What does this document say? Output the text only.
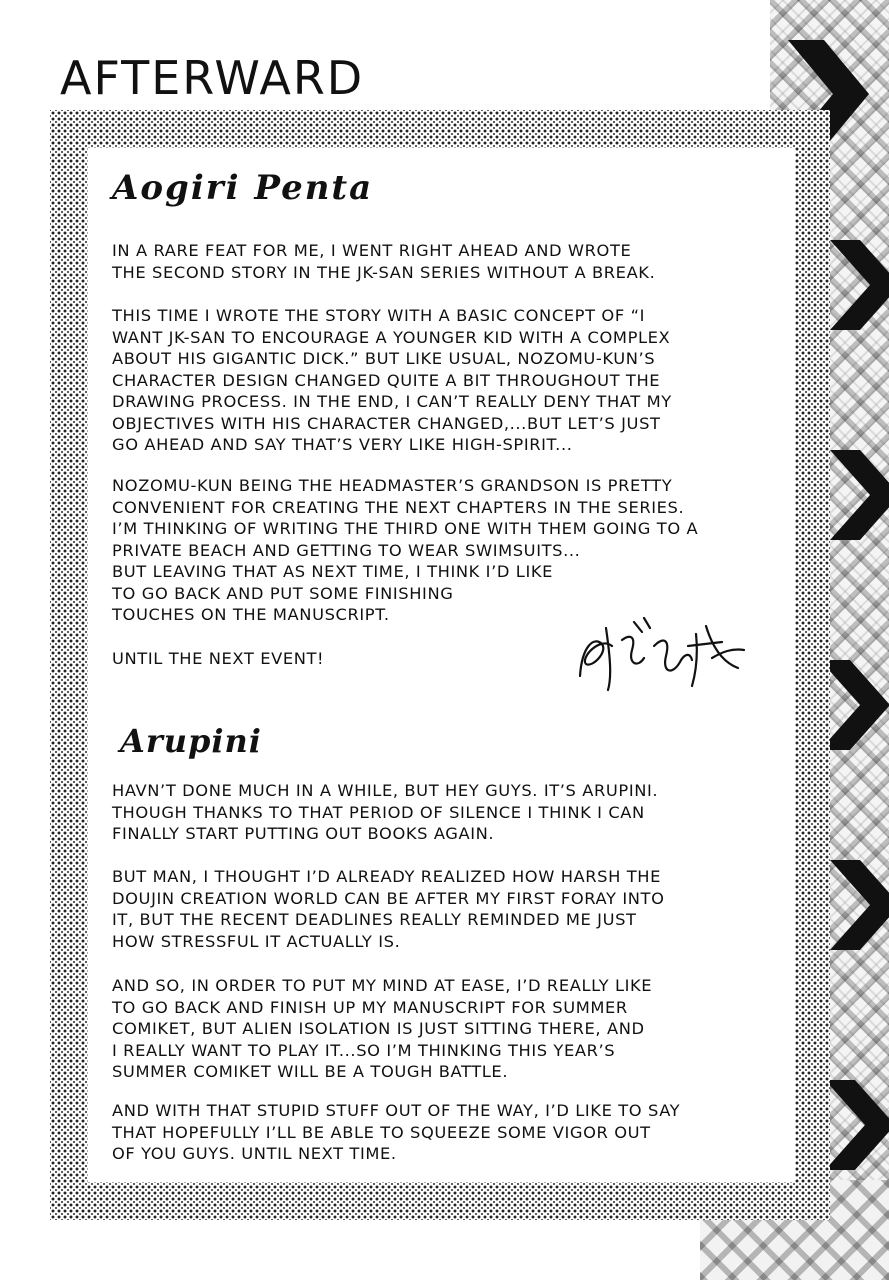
AFTERWARD
Aogiri Penta

IN A RARE FEAT FOR ME, I WENT RIGHT AHEAD AND WROTE
THE SECOND STORY IN THE JK-SAN SERIES WITHOUT A BREAK.

THIS TIME I WROTE THE STORY WITH A BASIC CONCEPT OF “I
WANT JK-SAN TO ENCOURAGE A YOUNGER KID WITH A COMPLEX
ABOUT HIS GIGANTIC DICK.” BUT LIKE USUAL, NOZOMU-KUN’S
CHARACTER DESIGN CHANGED QUITE A BIT THROUGHOUT THE
DRAWING PROCESS. IN THE END, I CAN’T REALLY DENY THAT MY
OBJECTIVES WITH HIS CHARACTER CHANGED,...BUT LET’S JUST
GO AHEAD AND SAY THAT’S VERY LIKE HIGH-SPIRIT...

NOZOMU-KUN BEING THE HEADMASTER’S GRANDSON IS PRETTY
CONVENIENT FOR CREATING THE NEXT CHAPTERS IN THE SERIES.
I’M THINKING OF WRITING THE THIRD ONE WITH THEM GOING TO A
PRIVATE BEACH AND GETTING TO WEAR SWIMSUITS...
BUT LEAVING THAT AS NEXT TIME, I THINK I’D LIKE
TO GO BACK AND PUT SOME FINISHING
TOUCHES ON THE MANUSCRIPT.

UNTIL THE NEXT EVENT!

Arupini

HAVN’T DONE MUCH IN A WHILE, BUT HEY GUYS. IT’S ARUPINI.
THOUGH THANKS TO THAT PERIOD OF SILENCE I THINK I CAN
FINALLY START PUTTING OUT BOOKS AGAIN.

BUT MAN, I THOUGHT I’D ALREADY REALIZED HOW HARSH THE
DOUJIN CREATION WORLD CAN BE AFTER MY FIRST FORAY INTO
IT, BUT THE RECENT DEADLINES REALLY REMINDED ME JUST
HOW STRESSFUL IT ACTUALLY IS.

AND SO, IN ORDER TO PUT MY MIND AT EASE, I’D REALLY LIKE
TO GO BACK AND FINISH UP MY MANUSCRIPT FOR SUMMER
COMIKET, BUT ALIEN ISOLATION IS JUST SITTING THERE, AND
I REALLY WANT TO PLAY IT...SO I’M THINKING THIS YEAR’S
SUMMER COMIKET WILL BE A TOUGH BATTLE.

AND WITH THAT STUPID STUFF OUT OF THE WAY, I’D LIKE TO SAY
THAT HOPEFULLY I’LL BE ABLE TO SQUEEZE SOME VIGOR OUT
OF YOU GUYS. UNTIL NEXT TIME.
